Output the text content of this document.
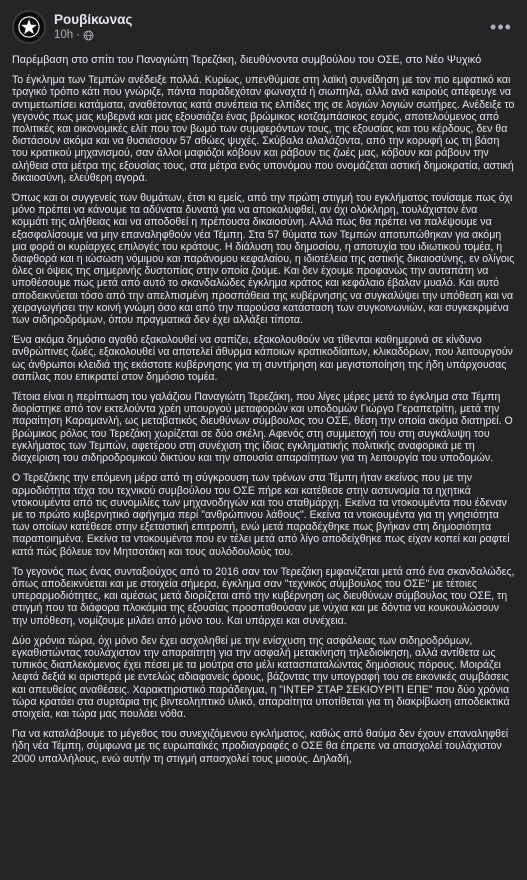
Ρουβίκωνας
10h ·	•••

Παρέμβαση στο σπίτι του Παναγιώτη Τερεζάκη, διευθύνοντα συμβούλου του ΟΣΕ, στο Νέο Ψυχικό

Το έγκλημα των Τεμπών ανέδειξε πολλά. Κυρίως, υπενθύμισε στη λαϊκή συνείδηση με τον πιο εμφατικό και τραγικό τρόπο κάτι που γνώριζε, πάντα παραδεχόταν φωναχτά ή σιωπηλά, αλλά ανά καιρούς απέφευγε να αντιμετωπίσει κατάματα, αναθέτοντας κατά συνέπεια τις ελπίδες της σε λογιών λογιών σωτήρες. Ανέδειξε το γεγονός πως μας κυβερνά και μας εξουσιάζει ένας βρώμικος κοτζαμπάσικος εσμός, αποτελούμενος από πολιτικές και οικονομικές ελίτ που τον βωμό των συμφερόντων τους, της εξουσίας και του κέρδους, δεν θα διστάσουν ακόμα και να θυσιάσουν 57 αθώες ψυχές. Σκύβαλα αλαλάζοντα, από την κορυφή ως τη βάση του κρατικού μηχανισμού, σαν άλλοι μαφιόζοι κόβουν και ράβουν τις ζωές μας, κόβουν και ράβουν την αλήθεια στα μέτρα της εξουσίας τους, στα μέτρα ενός υπονόμου που ονομάζεται αστική δημοκρατία, αστική δικαιοσύνη, ελεύθερη αγορά.

Όπως και οι συγγενείς των θυμάτων, έτσι κι εμείς, από την πρώτη στιγμή του εγκλήματος τονίσαμε πως όχι μόνο πρέπει να κάνουμε τα αδύνατα δυνατά για να αποκαλυφθεί, αν όχι ολόκληρη, τουλάχιστον ένα κομμάτι της αλήθειας και να αποδοθεί η πρέπουσα δικαιοσύνη. Αλλά πως θα πρέπει να παλέψουμε να εξασφαλίσουμε να μην επαναληφθούν νέα Τέμπη. Στα 57 θύματα των Τεμπών αποτυπώθηκαν για ακόμη μια φορά οι κυρίαρχες επιλογές του κράτους. Η διάλυση του δημοσίου, η αποτυχία του ιδιωτικού τομέα, η διαφθορά και η ιώσωση νόμιμου και παράνομου κεφαλαίου, η ιδιοτέλεια της αστικής δικαιοσύνης, εν ολίγοις όλες οι όψεις της σημερινής δυστοπίας στην οποία ζούμε. Και δεν έχουμε προφανώς την αυταπάτη να υποθέσουμε πως μετά από αυτό το σκανδαλώδες έγκλημα κράτος και κεφάλαιο έβαλαν μυαλό. Και αυτό αποδεικνύεται τόσο από την απελπισμένη προσπάθεια της κυβέρνησης να συγκαλύψει την υπόθεση και να χειραγωγήσει την κοινή γνώμη όσο και από την παρούσα κατάσταση των συγκοινωνιών, και συγκεκριμένα των σιδηροδρόμων, όπου πραγματικά δεν έχει αλλάξει τίποτα.

Ένα ακόμα δημόσιο αγαθό εξακολουθεί να σαπίζει, εξακολουθούν να τίθενται καθημερινά σε κίνδυνο ανθρώπινες ζωές, εξακολουθεί να αποτελεί άθυρμα κάποιων κρατικοδίαιτων, κλικαδόρων, που λειτουργούν ως άνθρωποι κλειδιά της εκάστοτε κυβέρνησης για τη συντήρηση και μεγιστοποίηση της ήδη υπάρχουσας σαπίλας που επικρατεί στον δημόσιο τομέα.

Τέτοια είναι η περίπτωση του γαλάζιου Παναγιώτη Τερεζάκη, που λίγες μέρες μετά το έγκλημα στα Τέμπη διορίστηκε από τον εκτελούντα χρέη υπουργού μεταφορών και υποδομών Γιώργο Γεραπετρίτη, μετά την παραίτηση Καραμανλή, ως μεταβατικός διευθύνων σύμβουλος του ΟΣΕ, θέση την οποία ακόμα διατηρεί. Ο βρώμικος ρόλος του Τερεζάκη χωρίζεται σε δύο σκέλη. Αφενός στη συμμετοχή του στη συγκάλυψη του εγκλήματος των Τεμπών, αφετέρου στη συνέχιση της ίδιας εγκληματικής πολιτικής αναφορικά με τη διαχείριση του σιδηροδρομικού δικτύου και την απουσία απαραίτητων για τη λειτουργία του υποδομών.

Ο Τερεζάκης την επόμενη μέρα από τη σύγκρουση των τρένων στα Τέμπη ήταν εκείνος που με την αρμοδιότητα τάχα του τεχνικού συμβούλου του ΟΣΕ πήρε και κατέθεσε στην αστυνομία τα ηχητικά ντοκουμέντα από τις συνομιλίες των μηχανοδηγών και του σταθμάρχη. Εκείνα τα ντοκουμέντα που έδεναν με το πρώτο κυβερνητικό αφήγημα περί "ανθρώπινου λάθους". Εκείνα τα ντοκουμέντα για τη γνησιότητα των οποίων κατέθεσε στην εξεταστική επιτροπή, ενώ μετά παραδέχθηκε πως βγήκαν στη δημοσιότητα παραποιημένα. Εκείνα τα ντοκουμέντα που εν τέλει μετά από λίγο αποδείχθηκε πως είχαν κοπεί και ραφτεί κατά πώς βόλευε τον Μητσοτάκη και τους αυλόδουλούς του.

Το γεγονός πως ένας συνταξιούχος από το 2016 σαν τον Τερεζάκη εμφανίζεται μετά από ένα σκανδαλώδες, όπως αποδεικνύεται και με στοιχεία σήμερα, έγκλημα σαν "τεχνικός σύμβουλος του ΟΣΕ" με τέτοιες υπεραρμοδιότητες, και αμέσως μετά διορίζεται από την κυβέρνηση ως διευθύνων σύμβουλος του ΟΣΕ, τη στιγμή που τα διάφορα πλοκάμια της εξουσίας προσπαθούσαν με νύχια και με δόντια να κουκουλώσουν την υπόθεση, νομίζουμε μιλάει από μόνο του. Και υπάρχει και συνέχεια.

Δύο χρόνια τώρα, όχι μόνο δεν έχει ασχοληθεί με την ενίσχυση της ασφάλειας των σιδηροδρόμων, εγκαθιστώντας τουλάχιστον την απαραίτητη για την ασφαλή μετακίνηση τηλεδιοίκηση, αλλά αντίθετα ως τυπικός διαπλεκόμενος έχει πέσει με τα μούτρα στο μέλι κατασπαταλώντας δημόσιους πόρους. Μοιράζει λεφτά δεξιά κι αριστερά με εντελώς αδιαφανείς όρους, βάζοντας την υπογραφή του σε εικονικές συμβάσεις και απευθείας αναθέσεις. Χαρακτηριστικό παράδειγμα, η "ΙΝΤΕΡ ΣΤΑΡ ΣΕΚΙΟΥΡΙΤΙ ΕΠΕ" που δύο χρόνια τώρα κρατάει στα συρτάρια της βιντεοληπτικό υλικό, απαραίτητα υποτίθεται για τη διακρίβωση αποδεικτικά στοιχεία, και τώρα μας πουλάει νόθα.

Για να καταλάβουμε το μέγεθος του συνεχιζόμενου εγκλήματος, καθώς από θαύμα δεν έχουν επαναληφθεί ήδη νέα Τέμπη, σύμφωνα με τις ευρωπαϊκές προδιαγραφές ο ΟΣΕ θα έπρεπε να απασχολεί τουλάχιστον 2000 υπαλλήλους, ενώ αυτήν τη στιγμή απασχολεί τους μισούς. Δηλαδή,
